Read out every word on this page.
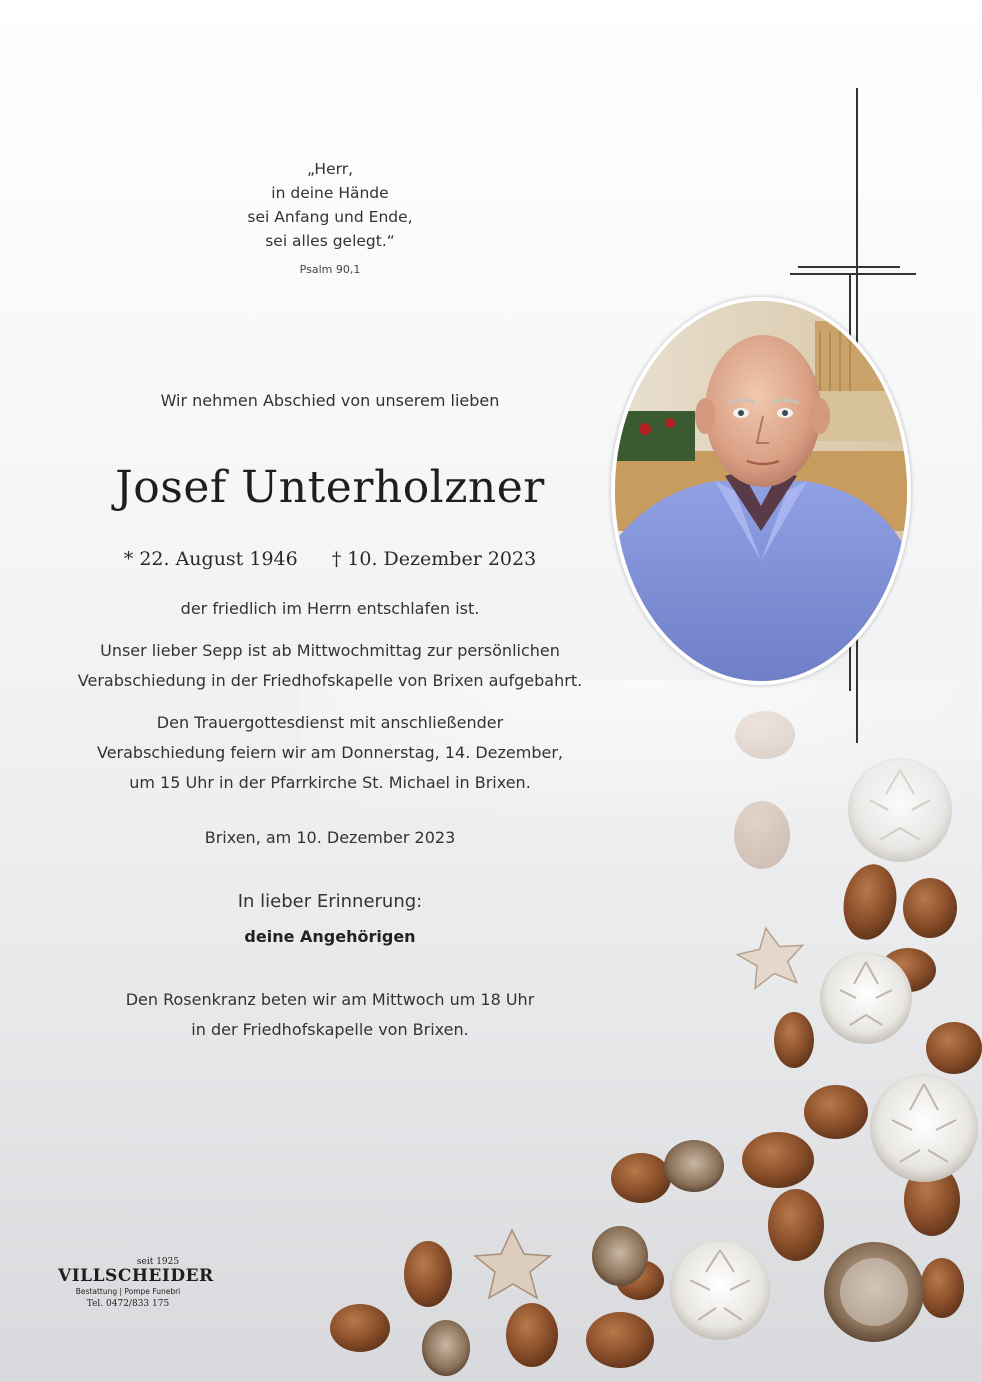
„Herr,
in deine Hände
sei Anfang und Ende,
sei alles gelegt.“
Psalm 90,1
Wir nehmen Abschied von unserem lieben
Josef Unterholzner
* 22. August 1946 † 10. Dezember 2023
der friedlich im Herrn entschlafen ist.
Unser lieber Sepp ist ab Mittwochmittag zur persönlichen
Verabschiedung in der Friedhofskapelle von Brixen aufgebahrt.
Den Trauergottesdienst mit anschließender
Verabschiedung feiern wir am Donnerstag, 14. Dezember,
um 15 Uhr in der Pfarrkirche St. Michael in Brixen.
Brixen, am 10. Dezember 2023
In lieber Erinnerung:
deine Angehörigen
Den Rosenkranz beten wir am Mittwoch um 18 Uhr
in der Friedhofskapelle von Brixen.
seit 1925
VILLSCHEIDER
Bestattung | Pompe Funebri
Tel. 0472/833 175
